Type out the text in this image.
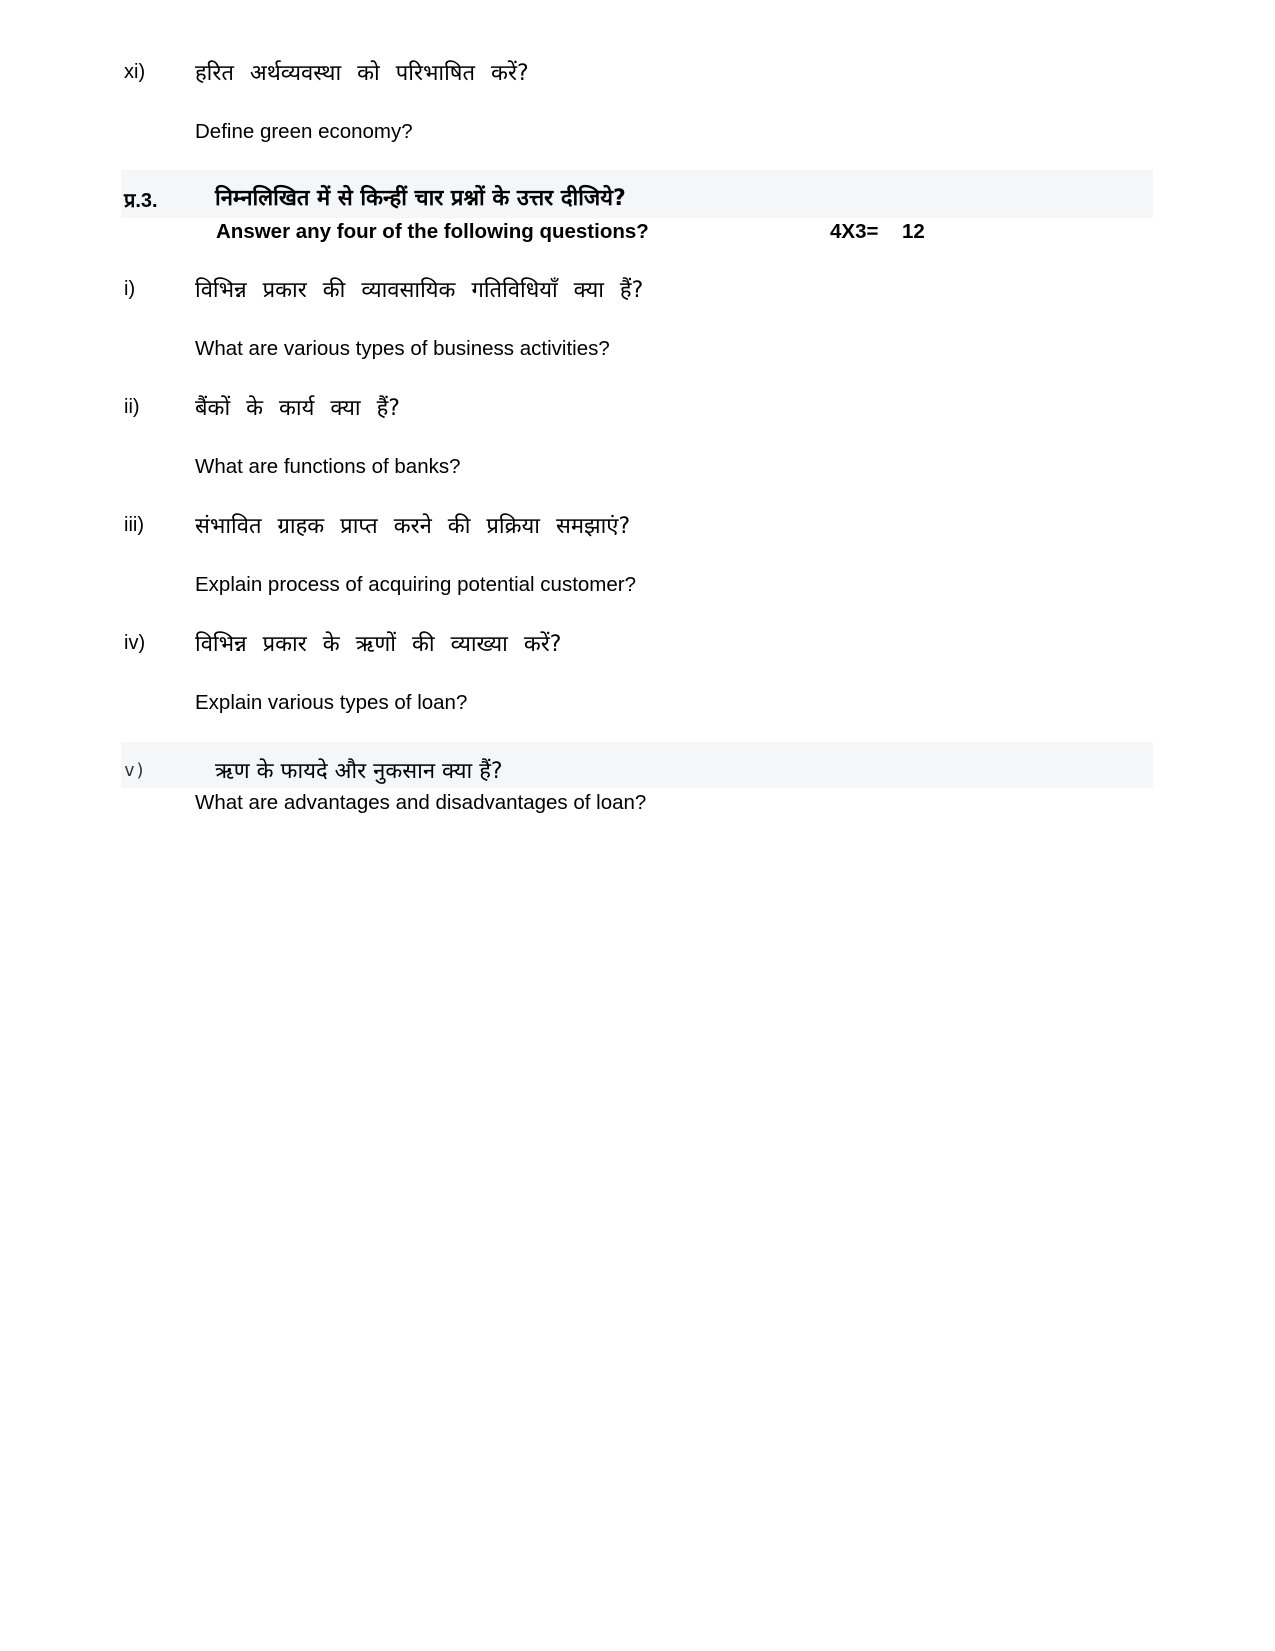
xi) हरित अर्थव्यवस्था को परिभाषित करें?
Define green economy?
प्र.3.	निम्नलिखित में से किन्हीं चार प्रश्नों के उत्तर दीजिये?
Answer any four of the following questions?	4X3= 12
i)	विभिन्न प्रकार की व्यावसायिक गतिविधियाँ क्या हैं?
What are various types of business activities?
ii)	बैंकों के कार्य क्या हैं?
What are functions of banks?
iii) संभावित ग्राहक प्राप्त करने की प्रक्रिया समझाएं?
Explain process of acquiring potential customer?
iv) विभिन्न प्रकार के ऋणों की व्याख्या करें?
Explain various types of loan?
v)	ऋण के फायदे और नुकसान क्या हैं?
What are advantages and disadvantages of loan?
